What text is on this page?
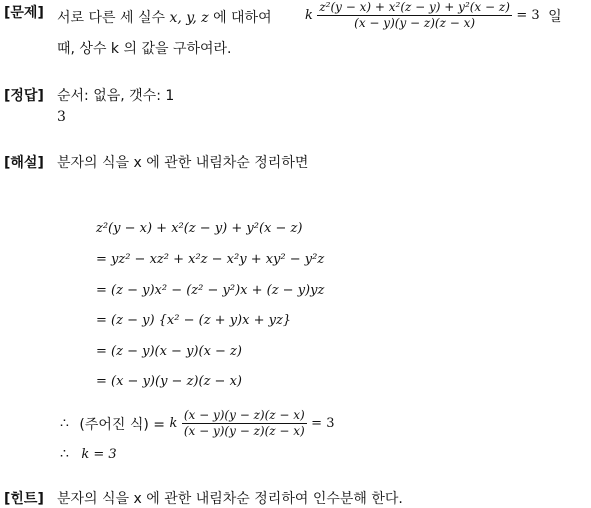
[문제] 서로 다른 세 실수 x, y, z 에 대하여	k $\frac{\text{z²(y − x) + x²(z − y) + y²(x − z)}}{(x - y)(y - z)(z - x)} = 3$ 일
때, 상수 k 의 값을 구하여라.
[정답] 순서: 없음, 갯수: 1
3
[해설] 분자의 식을 x 에 관한 내림차순 정리하면
z²(y − x) + x²(z − y) + y²(x − z)
= yz² − xz² + x²z − x²y + xy² − y²z
= (z − y)x² − (z² − y²)x + (z − y)yz
= (z − y) {x² − (z + y)x + yz}
= (z − y)(x − y)(x − z)
= (x − y)(y − z)(z − x)
∴ (주어진 식) = k $\frac{(x - y)(y - z)(z - x)}{(x - y)(y - z)(z - x)} = 3$
∴ k = 3
[힌트] 분자의 식을 x 에 관한 내림차순 정리하여 인수분해 한다.
